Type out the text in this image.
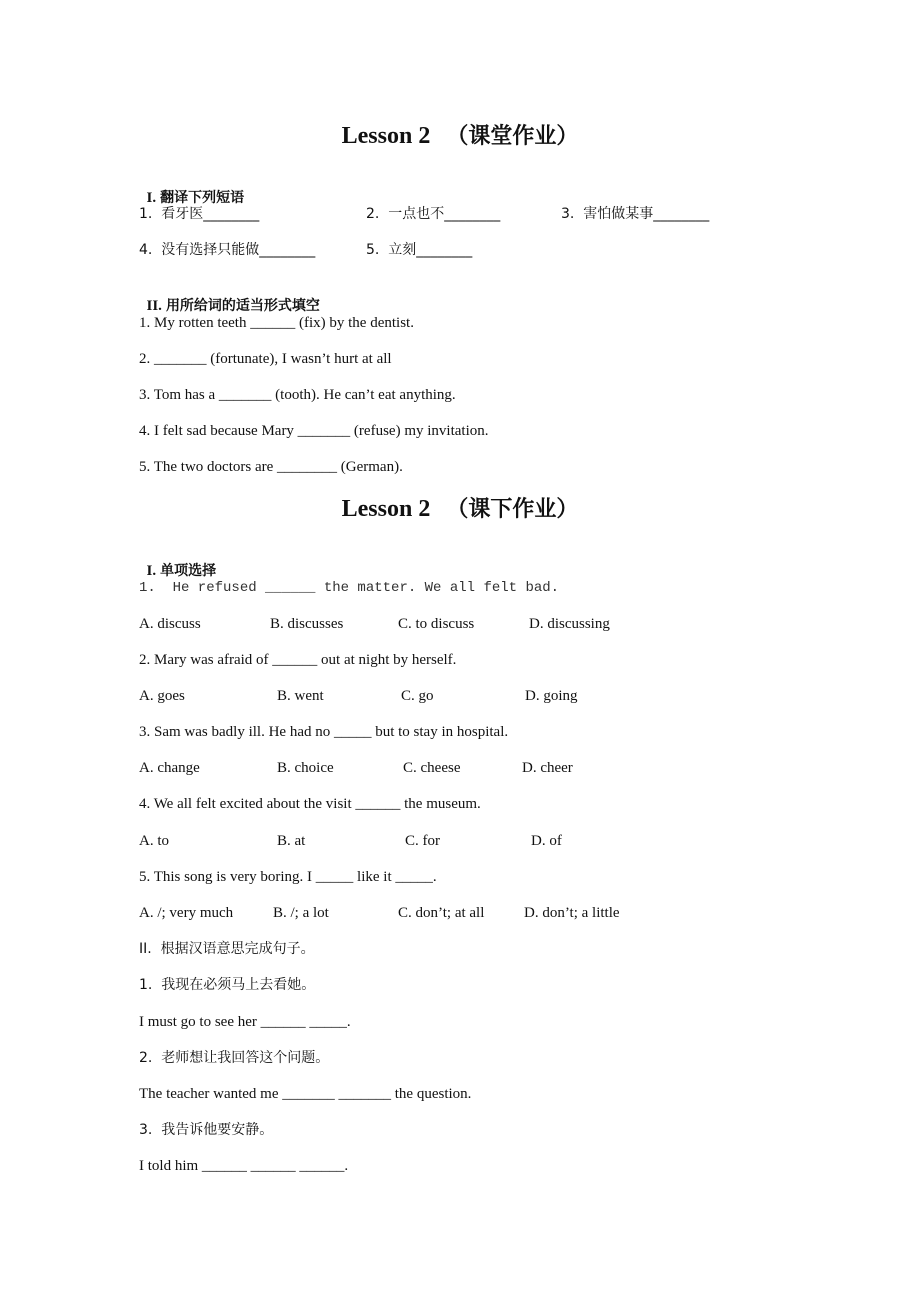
Lesson 2 （课堂作业）

I. 翻译下列短语

1.  看牙医________	2.  一点也不________	3.  害怕做某事________
4.  没有选择只能做________	5.  立刻________

II. 用所给词的适当形式填空

1. My rotten teeth ______ (fix) by the dentist.
2. _______ (fortunate), I wasn’t hurt at all
3. Tom has a _______ (tooth). He can’t eat anything.
4. I felt sad because Mary _______ (refuse) my invitation.
5. The two doctors are ________ (German).
Lesson 2 （课下作业）

I. 单项选择

1.  He refused ______ the matter. We all felt bad.
A. discuss	B. discusses	C. to discuss	D. discussing
2. Mary was afraid of ______ out at night by herself.
A. goes	B. went	C. go	D. going
3. Sam was badly ill. He had no _____ but to stay in hospital.
A. change	B. choice	C. cheese	D. cheer
4. We all felt excited about the visit ______ the museum.
A. to	B. at	C. for	D. of
5. This song is very boring. I _____ like it _____.
A. /; very much	B. /; a lot	C. don’t; at all	D. don’t; a little
II.  根据汉语意思完成句子。
1.  我现在必须马上去看她。
I must go to see her ______ _____.
2.  老师想让我回答这个问题。
The teacher wanted me _______ _______ the question.
3.  我告诉他要安静。
I told him ______ ______ ______.
